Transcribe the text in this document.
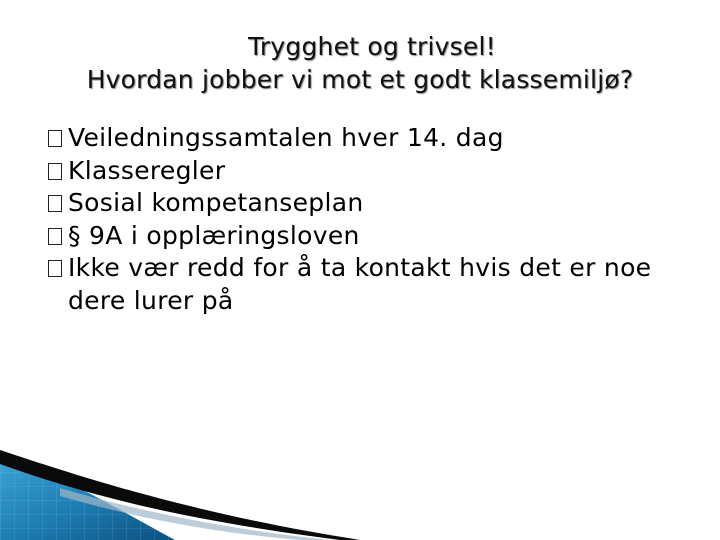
Trygghet og trivsel!
Hvordan jobber vi mot et godt klassemiljø?
Veiledningssamtalen hver 14. dag
Klasseregler
Sosial kompetanseplan
§ 9A i opplæringsloven
Ikke vær redd for å ta kontakt hvis det er noe dere lurer på
